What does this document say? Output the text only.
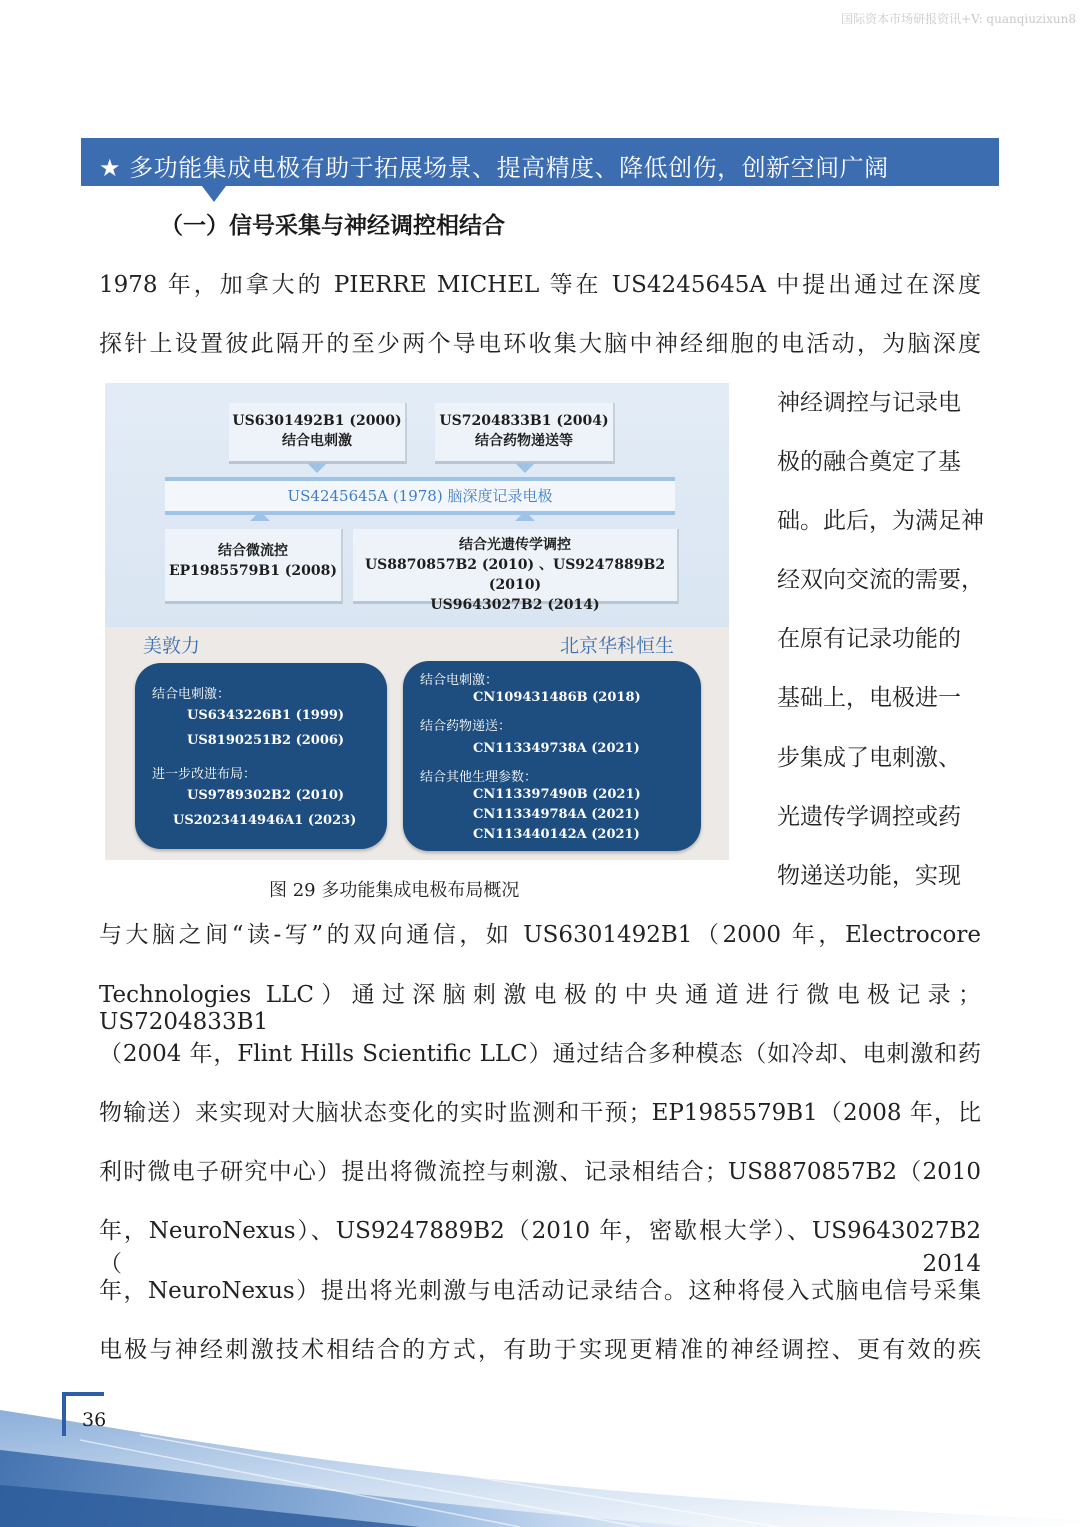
国际资本市场研报资讯+V: quanqiuzixun8
★ 多功能集成电极有助于拓展场景、提高精度、降低创伤，创新空间广阔
（一）信号采集与神经调控相结合
1978 年，加拿大的 PIERRE MICHEL 等在 US4245645A 中提出通过在深度
探针上设置彼此隔开的至少两个导电环收集大脑中神经细胞的电活动，为脑深度
US6301492B1 (2000)
结合电刺激
US7204833B1 (2004)
结合药物递送等
US4245645A (1978) 脑深度记录电极
结合微流控
EP1985579B1 (2008)
结合光遗传学调控
US8870857B2 (2010) 、US9247889B2 (2010)
US9643027B2 (2014)
美敦力	北京华科恒生
结合电刺激：
US6343226B1 (1999)
US8190251B2 (2006)
进一步改进布局：
US9789302B2 (2010)
US2023414946A1 (2023)
结合电刺激：
CN109431486B (2018)
结合药物递送：
CN113349738A (2021)
结合其他生理参数：
CN113397490B (2021)
CN113349784A (2021)
CN113440142A (2021)
神经调控与记录电
极的融合奠定了基
础。此后，为满足神
经双向交流的需要，
在原有记录功能的
基础上，电极进一
步集成了电刺激、
光遗传学调控或药
物递送功能，实现
图 29 多功能集成电极布局概况
与大脑之间“读-写”的双向通信，如 US6301492B1（2000 年，Electrocore
Technologies LLC）通过深脑刺激电极的中央通道进行微电极记录；US7204833B1
（2004 年，Flint Hills Scientific LLC）通过结合多种模态（如冷却、电刺激和药
物输送）来实现对大脑状态变化的实时监测和干预；EP1985579B1（2008 年，比
利时微电子研究中心）提出将微流控与刺激、记录相结合；US8870857B2（2010
年，NeuroNexus）、US9247889B2（2010 年，密歇根大学）、US9643027B2（2014
年，NeuroNexus）提出将光刺激与电活动记录结合。这种将侵入式脑电信号采集
电极与神经刺激技术相结合的方式，有助于实现更精准的神经调控、更有效的疾
36
